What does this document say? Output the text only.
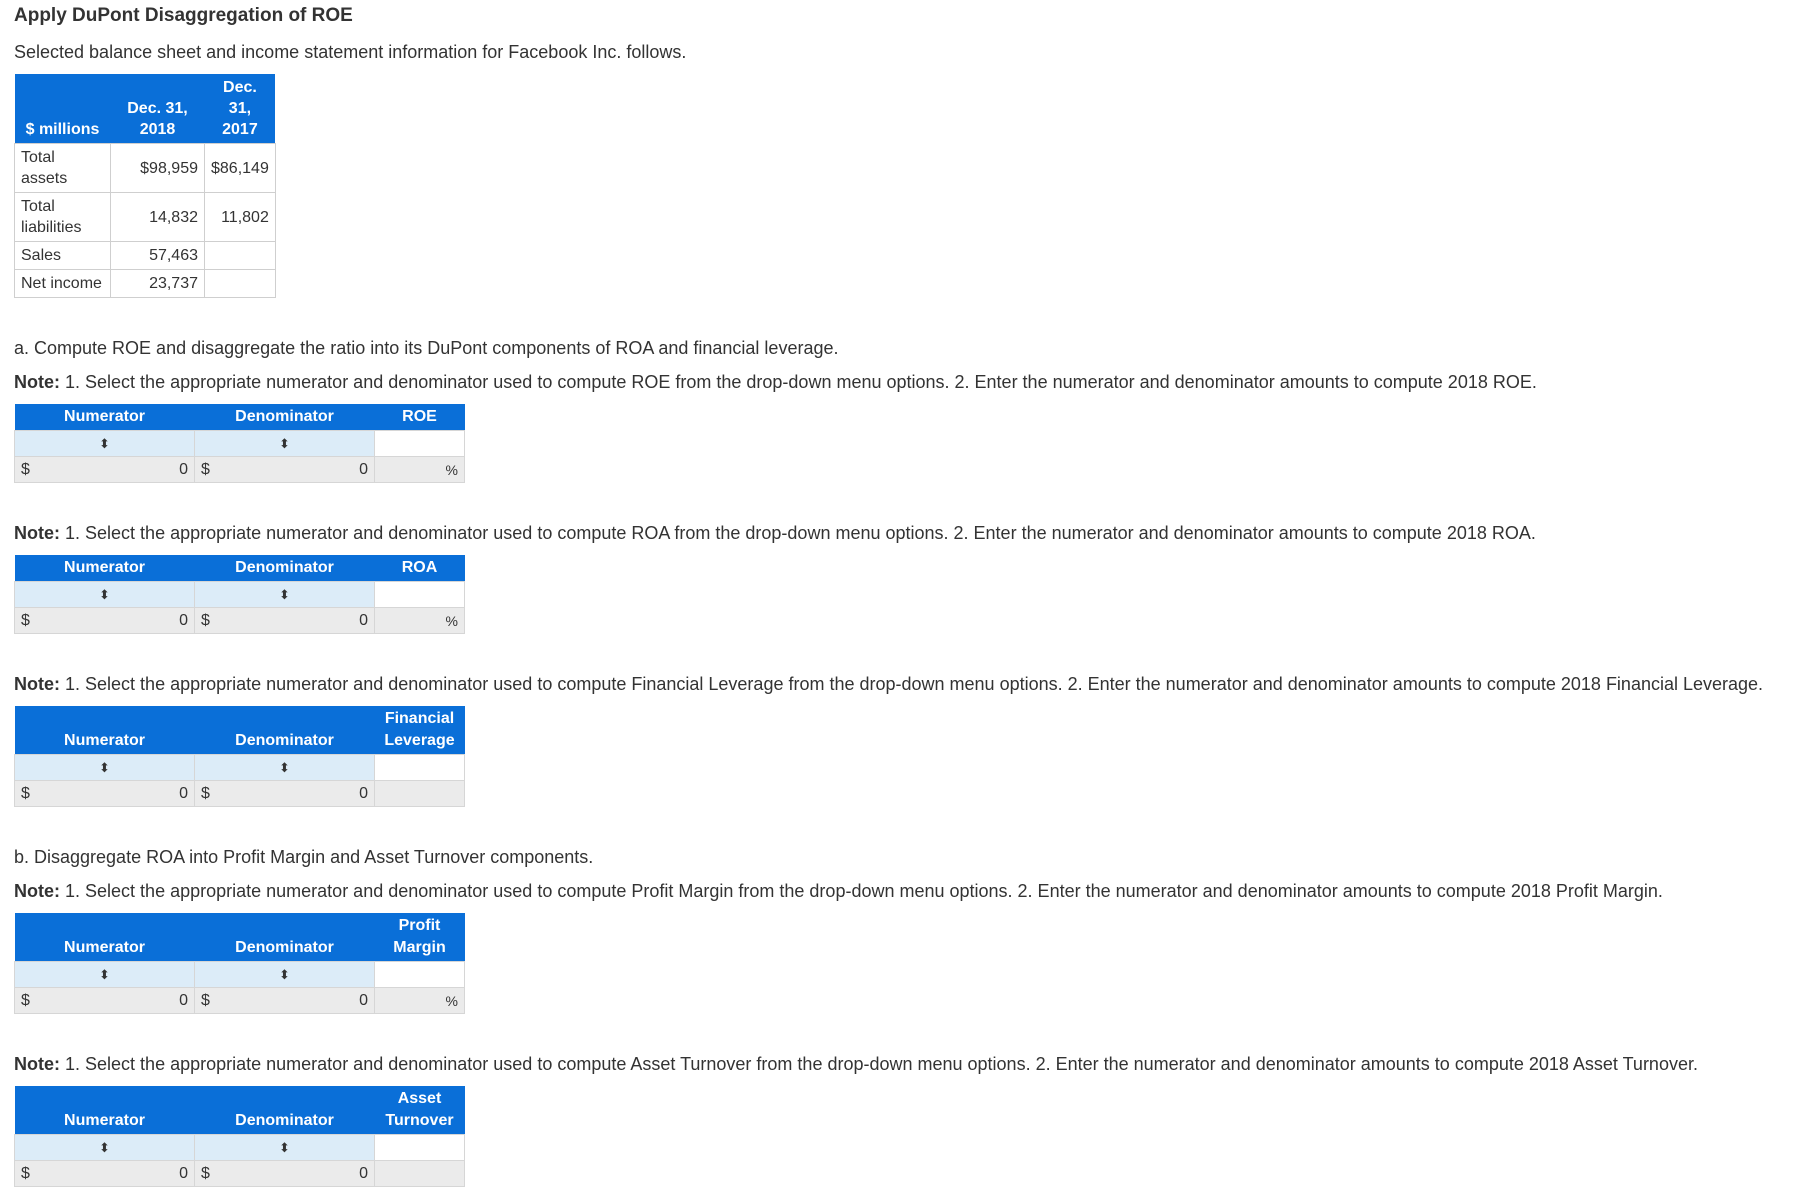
Apply DuPont Disaggregation of ROE

Selected balance sheet and income statement information for Facebook Inc. follows.

$ millions	Dec. 31, 2018	Dec. 31, 2017
Total assets	$98,959	$86,149
Total liabilities	14,832	11,802
Sales	57,463	
Net income	23,737	

a. Compute ROE and disaggregate the ratio into its DuPont components of ROA and financial leverage.

Note: 1. Select the appropriate numerator and denominator used to compute ROE from the drop-down menu options. 2. Enter the numerator and denominator amounts to compute 2018 ROE.

Numerator	Denominator	ROE
⬍	⬍	

$ 0	$ 0	%

Note: 1. Select the appropriate numerator and denominator used to compute ROA from the drop-down menu options. 2. Enter the numerator and denominator amounts to compute 2018 ROA.

Numerator	Denominator	ROA
⬍	⬍	

$ 0	$ 0	%

Note: 1. Select the appropriate numerator and denominator used to compute Financial Leverage from the drop-down menu options. 2. Enter the numerator and denominator amounts to compute 2018 Financial Leverage.

Numerator	Denominator	Financial Leverage
⬍	⬍	

$ 0	$ 0	

b. Disaggregate ROA into Profit Margin and Asset Turnover components.

Note: 1. Select the appropriate numerator and denominator used to compute Profit Margin from the drop-down menu options. 2. Enter the numerator and denominator amounts to compute 2018 Profit Margin.

Numerator	Denominator	Profit Margin
⬍	⬍	

$ 0	$ 0	%

Note: 1. Select the appropriate numerator and denominator used to compute Asset Turnover from the drop-down menu options. 2. Enter the numerator and denominator amounts to compute 2018 Asset Turnover.

Numerator	Denominator	Asset Turnover
⬍	⬍	

$ 0	$ 0	
